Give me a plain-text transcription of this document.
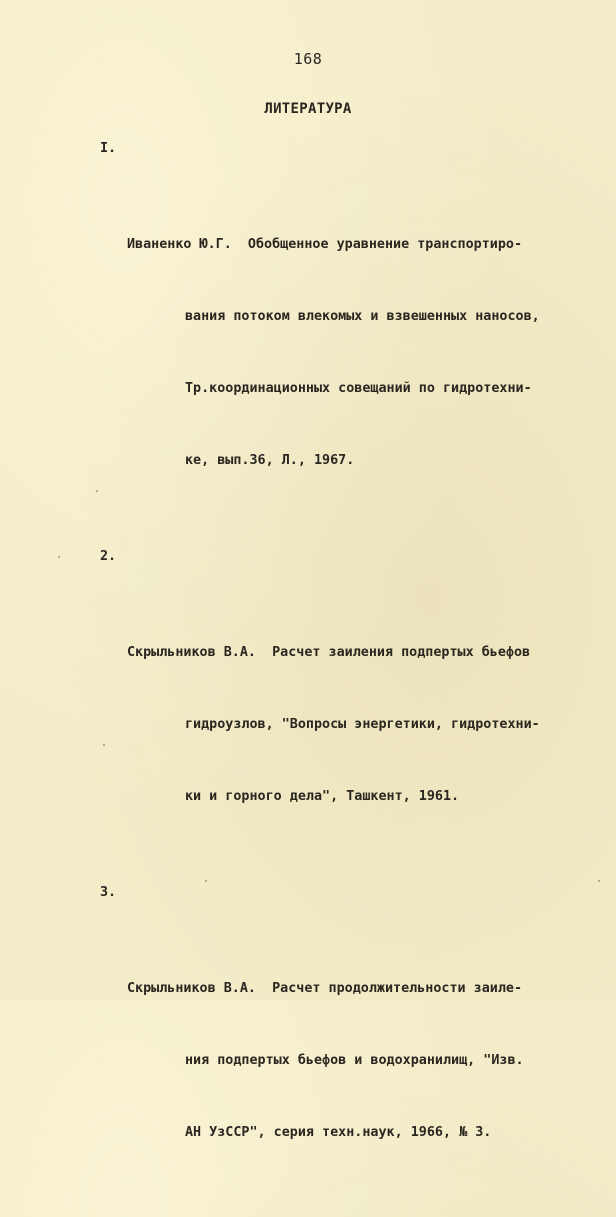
168
ЛИТЕРАТУРА

I.

Иваненко Ю.Г.  Обобщенное уравнение транспортиро-

вания потоком влекомых и взвешенных наносов,

Тр.координационных совещаний по гидротехни-

ке, вып.36, Л., 1967.

2.

Скрыльников В.А.  Расчет заиления подпертых бьефов

гидроузлов, "Вопросы энергетики, гидротехни-

ки и горного дела", Ташкент, 1961.

3.

Скрыльников В.А.  Расчет продолжительности заиле-

ния подпертых бьефов и водохранилищ, "Изв.

АН УзССР", серия техн.наук, 1966, № 3.
